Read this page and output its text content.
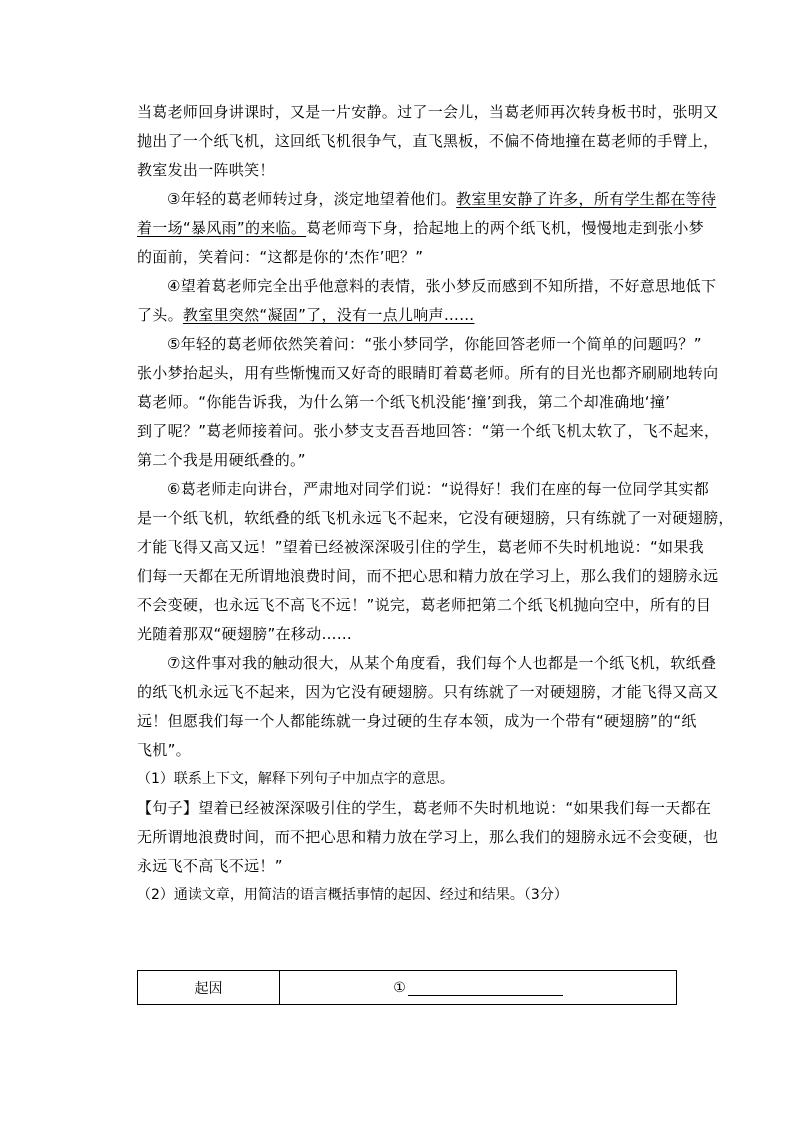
当葛老师回身讲课时，又是一片安静。过了一会儿，当葛老师再次转身板书时，张明又
抛出了一个纸飞机，这回纸飞机很争气，直飞黑板，不偏不倚地撞在葛老师的手臂上，
教室发出一阵哄笑！
③年轻的葛老师转过身，淡定地望着他们。教室里安静了许多，所有学生都在等待
着一场“暴风雨”的来临。葛老师弯下身，拾起地上的两个纸飞机，慢慢地走到张小梦
的面前，笑着问：“这都是你的‘杰作’吧？”
④望着葛老师完全出乎他意料的表情，张小梦反而感到不知所措，不好意思地低下
了头。教室里突然“凝固”了，没有一点儿响声……
⑤年轻的葛老师依然笑着问：“张小梦同学，你能回答老师一个简单的问题吗？”
张小梦抬起头，用有些惭愧而又好奇的眼睛盯着葛老师。所有的目光也都齐刷刷地转向
葛老师。“你能告诉我，为什么第一个纸飞机没能‘撞’到我，第二个却准确地‘撞’
到了呢？”葛老师接着问。张小梦支支吾吾地回答：“第一个纸飞机太软了，飞不起来，
第二个我是用硬纸叠的。”
⑥葛老师走向讲台，严肃地对同学们说：“说得好！我们在座的每一位同学其实都
是一个纸飞机，软纸叠的纸飞机永远飞不起来，它没有硬翅膀，只有练就了一对硬翅膀，
才能飞得又高又远！”望着已经被深深吸引住的学生，葛老师不失时机地说：“如果我
们每一天都在无所谓地浪费时间，而不把心思和精力放在学习上，那么我们的翅膀永远
不会变硬，也永远飞不高飞不远！”说完，葛老师把第二个纸飞机抛向空中，所有的目
光随着那双“硬翅膀”在移动……
⑦这件事对我的触动很大，从某个角度看，我们每个人也都是一个纸飞机，软纸叠
的纸飞机永远飞不起来，因为它没有硬翅膀。只有练就了一对硬翅膀，才能飞得又高又
远！但愿我们每一个人都能练就一身过硬的生存本领，成为一个带有“硬翅膀”的“纸
飞机”。
（1）联系上下文，解释下列句子中加点字的意思。
【句子】望着已经被深深吸引住的学生，葛老师不失时机地说：“如果我们每一天都在
无所谓地浪费时间，而不把心思和精力放在学习上，那么我们的翅膀永远不会变硬，也
永远飞不高飞不远！”
（2）通读文章，用简洁的语言概括事情的起因、经过和结果。（3分）
起因	①
